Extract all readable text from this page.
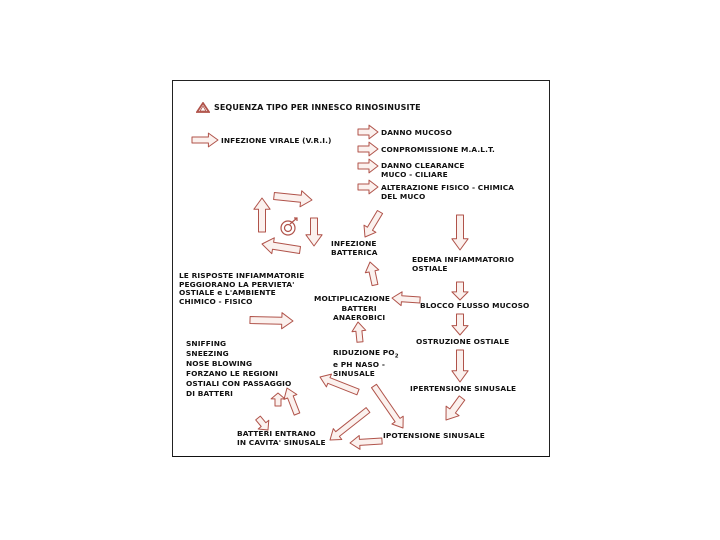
SEQUENZA TIPO PER INNESCO RINOSINUSITE
INFEZIONE VIRALE (V.R.I.)
DANNO MUCOSO
CONPROMISSIONE M.A.L.T.
DANNO CLEARANCE
MUCO - CILIARE
ALTERAZIONE FISICO - CHIMICA
DEL MUCO
INFEZIONE
BATTERICA
EDEMA INFIAMMATORIO
OSTIALE
LE RISPOSTE INFIAMMATORIE
PEGGIORANO LA PERVIETA'
OSTIALE e L'AMBIENTE
CHIMICO - FISICO	MOLTIPLICAZIONE
BATTERI
ANAEROBICI
BLOCCO FLUSSO MUCOSO
SNIFFING
SNEEZING
NOSE BLOWING
FORZANO LE REGIONI
OSTIALI CON PASSAGGIO
DI BATTERI
OSTRUZIONE OSTIALE
RIDUZIONE $PO_2$
e PH NASO -
SINUSALE
IPERTENSIONE SINUSALE
BATTERI ENTRANO
IN CAVITA' SINUSALE
IPOTENSIONE SINUSALE
